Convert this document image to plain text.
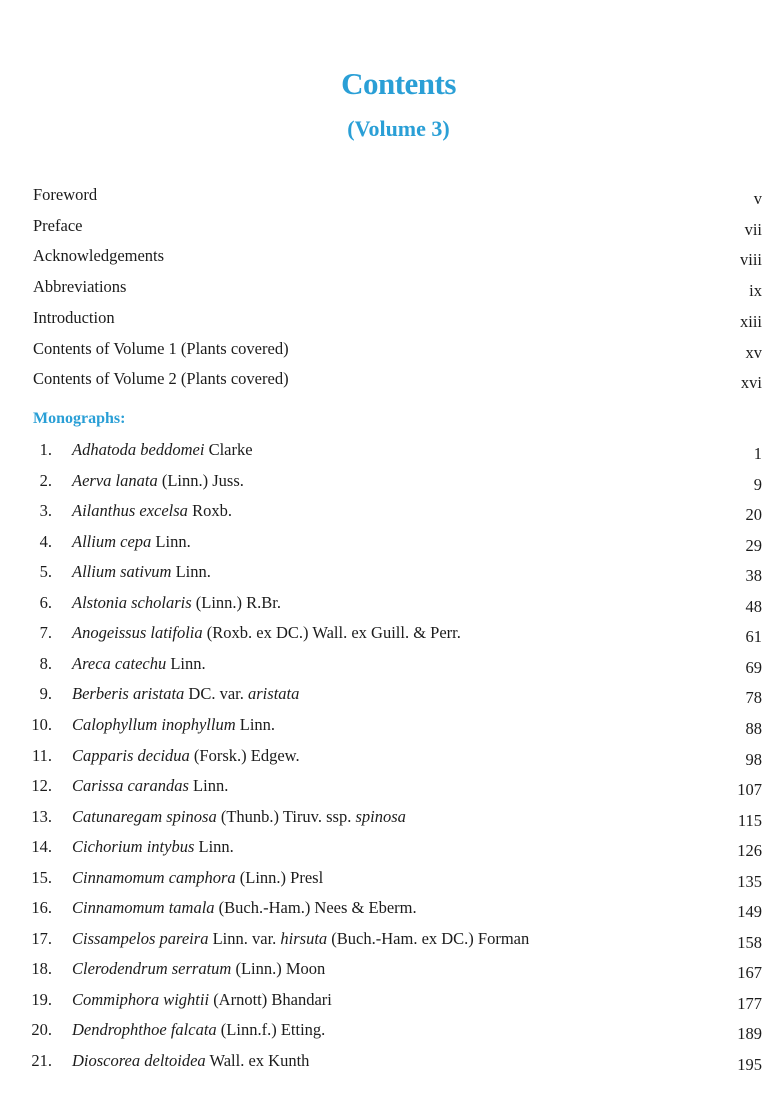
Contents
(Volume 3)
Foreword	v
Preface	vii
Acknowledgements	viii
Abbreviations	ix
Introduction	xiii
Contents of Volume 1 (Plants covered)	xv
Contents of Volume 2 (Plants covered)	xvi
Monographs:
1. Adhatoda beddomei Clarke	1
2. Aerva lanata (Linn.) Juss.	9
3. Ailanthus excelsa Roxb.	20
4. Allium cepa Linn.	29
5. Allium sativum Linn.	38
6. Alstonia scholaris (Linn.) R.Br.	48
7. Anogeissus latifolia (Roxb. ex DC.) Wall. ex Guill. & Perr.	61
8. Areca catechu Linn.	69
9. Berberis aristata DC. var. aristata	78
10. Calophyllum inophyllum Linn.	88
11. Capparis decidua (Forsk.) Edgew.	98
12. Carissa carandas Linn.	107
13. Catunaregam spinosa (Thunb.) Tiruv. ssp. spinosa	115
14. Cichorium intybus Linn.	126
15. Cinnamomum camphora (Linn.) Presl	135
16. Cinnamomum tamala (Buch.-Ham.) Nees & Eberm.	149
17. Cissampelos pareira Linn. var. hirsuta (Buch.-Ham. ex DC.) Forman	158
18. Clerodendrum serratum (Linn.) Moon	167
19. Commiphora wightii (Arnott) Bhandari	177
20. Dendrophthoe falcata (Linn.f.) Etting.	189
21. Dioscorea deltoidea Wall. ex Kunth	195
